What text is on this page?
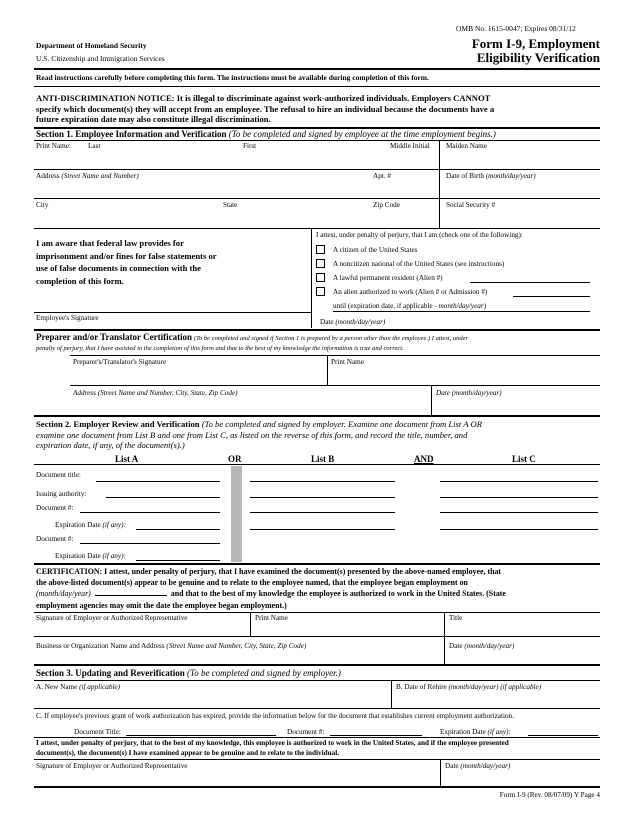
OMB No. 1615-0047; Expires 08/31/12
Department of Homeland Security
U.S. Citizenship and Immigration Services
Form I-9, Employment
Eligibility Verification
Read instructions carefully before completing this form. The instructions must be available during completion of this form.
ANTI-DISCRIMINATION NOTICE: It is illegal to discriminate against work-authorized individuals. Employers CANNOT
specify which document(s) they will accept from an employee. The refusal to hire an individual because the documents have a
future expiration date may also constitute illegal discrimination.
Section 1. Employee Information and Verification (To be completed and signed by employee at the time employment begins.)
Print Name: Last	First	Middle Initial Maiden Name
Address (Street Name and Number)	Apt. #	Date of Birth (month/day/year)
City	State	Zip Code	Social Security #
I am aware that federal law provides for
imprisonment and/or fines for false statements or
use of false documents in connection with the
completion of this form.
I attest, under penalty of perjury, that I am (check one of the following):
A citizen of the United States
A noncitizen national of the United States (see instructions)
A lawful permanent resident (Alien #)
An alien authorized to work (Alien # or Admission #)
until (expiration date, if applicable - month/day/year)
Employee's Signature	Date (month/day/year)
Preparer and/or Translator Certification (To be completed and signed if Section 1 is prepared by a person other than the employee.) I attest, under
penalty of perjury, that I have assisted in the completion of this form and that to the best of my knowledge the information is true and correct.
Preparer's/Translator's Signature	Print Name
Address (Street Name and Number, City, State, Zip Code)	Date (month/day/year)
Section 2. Employer Review and Verification (To be completed and signed by employer. Examine one document from List A OR
examine one document from List B and one from List C, as listed on the reverse of this form, and record the title, number, and
expiration date, if any, of the document(s).)
List A	OR	List B	AND	List C
Document title:
Issuing authority:
Document #:
Expiration Date (if any):
Document #:
Expiration Date (if any):
CERTIFICATION: I attest, under penalty of perjury, that I have examined the document(s) presented by the above-named employee, that
the above-listed document(s) appear to be genuine and to relate to the employee named, that the employee began employment on
(month/day/year)	and that to the best of my knowledge the employee is authorized to work in the United States. (State
employment agencies may omit the date the employee began employment.)
Signature of Employer or Authorized Representative	Print Name	Title
Business or Organization Name and Address (Street Name and Number, City, State, Zip Code)	Date (month/day/year)
Section 3. Updating and Reverification (To be completed and signed by employer.)
A. New Name (if applicable)	B. Date of Rehire (month/day/year) (if applicable)
C. If employee's previous grant of work authorization has expired, provide the information below for the document that establishes current employment authorization.
Document Title:	Document #:	Expiration Date (if any):
I attest, under penalty of perjury, that to the best of my knowledge, this employee is authorized to work in the United States, and if the employee presented
document(s), the document(s) I have examined appear to be genuine and to relate to the individual.
Signature of Employer or Authorized Representative	Date (month/day/year)
Form I-9 (Rev. 08/07/09) Y Page 4
